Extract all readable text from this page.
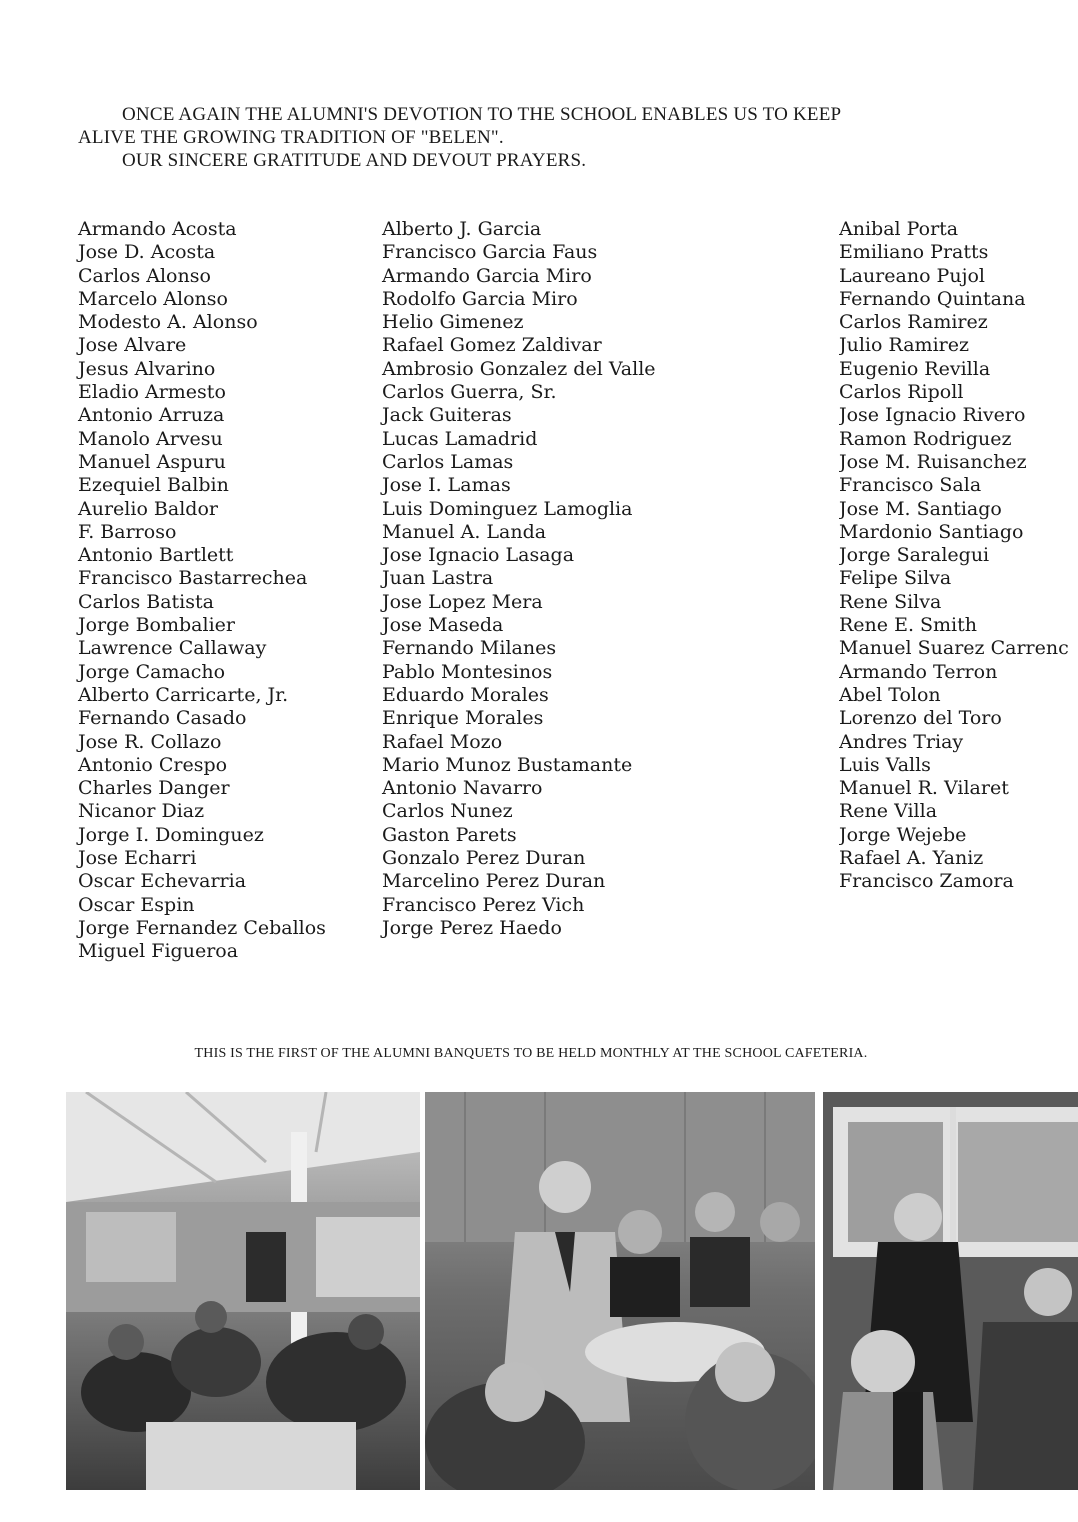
ONCE AGAIN THE ALUMNI'S DEVOTION TO THE SCHOOL ENABLES US TO KEEP
ALIVE THE GROWING TRADITION OF "BELEN".
OUR SINCERE GRATITUDE AND DEVOUT PRAYERS.
Armando Acosta
Jose D. Acosta
Carlos Alonso
Marcelo Alonso
Modesto A. Alonso
Jose Alvare
Jesus Alvarino
Eladio Armesto
Antonio Arruza
Manolo Arvesu
Manuel Aspuru
Ezequiel Balbin
Aurelio Baldor
F. Barroso
Antonio Bartlett
Francisco Bastarrechea
Carlos Batista
Jorge Bombalier
Lawrence Callaway
Jorge Camacho
Alberto Carricarte, Jr.
Fernando Casado
Jose R. Collazo
Antonio Crespo
Charles Danger
Nicanor Diaz
Jorge I. Dominguez
Jose Echarri
Oscar Echevarria
Oscar Espin
Jorge Fernandez Ceballos
Miguel Figueroa
Alberto J. Garcia
Francisco Garcia Faus
Armando Garcia Miro
Rodolfo Garcia Miro
Helio Gimenez
Rafael Gomez Zaldivar
Ambrosio Gonzalez del Valle
Carlos Guerra, Sr.
Jack Guiteras
Lucas Lamadrid
Carlos Lamas
Jose I. Lamas
Luis Dominguez Lamoglia
Manuel A. Landa
Jose Ignacio Lasaga
Juan Lastra
Jose Lopez Mera
Jose Maseda
Fernando Milanes
Pablo Montesinos
Eduardo Morales
Enrique Morales
Rafael Mozo
Mario Munoz Bustamante
Antonio Navarro
Carlos Nunez
Gaston Parets
Gonzalo Perez Duran
Marcelino Perez Duran
Francisco Perez Vich
Jorge Perez Haedo
Anibal Porta
Emiliano Pratts
Laureano Pujol
Fernando Quintana
Carlos Ramirez
Julio Ramirez
Eugenio Revilla
Carlos Ripoll
Jose Ignacio Rivero
Ramon Rodriguez
Jose M. Ruisanchez
Francisco Sala
Jose M. Santiago
Mardonio Santiago
Jorge Saralegui
Felipe Silva
Rene Silva
Rene E. Smith
Manuel Suarez Carrenc
Armando Terron
Abel Tolon
Lorenzo del Toro
Andres Triay
Luis Valls
Manuel R. Vilaret
Rene Villa
Jorge Wejebe
Rafael A. Yaniz
Francisco Zamora
THIS IS THE FIRST OF THE ALUMNI BANQUETS TO BE HELD MONTHLY AT THE SCHOOL CAFETERIA.
